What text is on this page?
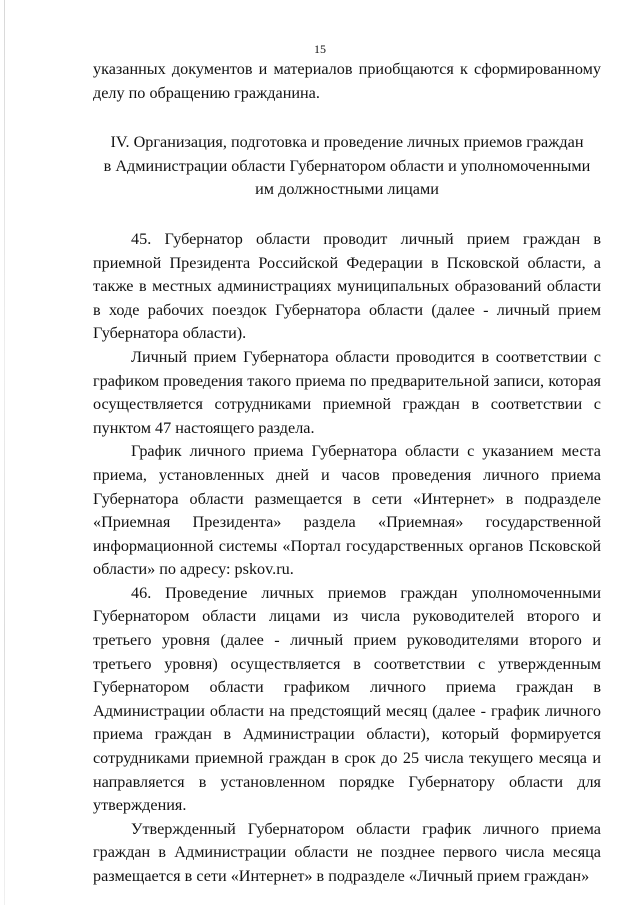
15

указанных документов и материалов приобщаются к сформированному делу по обращению гражданина.

IV. Организация, подготовка и проведение личных приемов граждан
в Администрации области Губернатором области и уполномоченными
им должностными лицами

45. Губернатор области проводит личный прием граждан в приемной Президента Российской Федерации в Псковской области, а также в местных администрациях муниципальных образований области в ходе рабочих поездок Губернатора области (далее - личный прием Губернатора области).

Личный прием Губернатора области проводится в соответствии с графиком проведения такого приема по предварительной записи, которая осуществляется сотрудниками приемной граждан в соответствии с пунктом 47 настоящего раздела.

График личного приема Губернатора области с указанием места приема, установленных дней и часов проведения личного приема Губернатора области размещается в сети «Интернет» в подразделе «Приемная Президента» раздела «Приемная» государственной информационной системы «Портал государственных органов Псковской области» по адресу: pskov.ru.

46. Проведение личных приемов граждан уполномоченными Губернатором области лицами из числа руководителей второго и третьего уровня (далее - личный прием руководителями второго и третьего уровня) осуществляется в соответствии с утвержденным Губернатором области графиком личного приема граждан в Администрации области на предстоящий месяц (далее - график личного приема граждан в Администрации области), который формируется сотрудниками приемной граждан в срок до 25 числа текущего месяца и направляется в установленном порядке Губернатору области для утверждения.

Утвержденный Губернатором области график личного приема граждан в Администрации области не позднее первого числа месяца размещается в сети «Интернет» в подразделе «Личный прием граждан»
